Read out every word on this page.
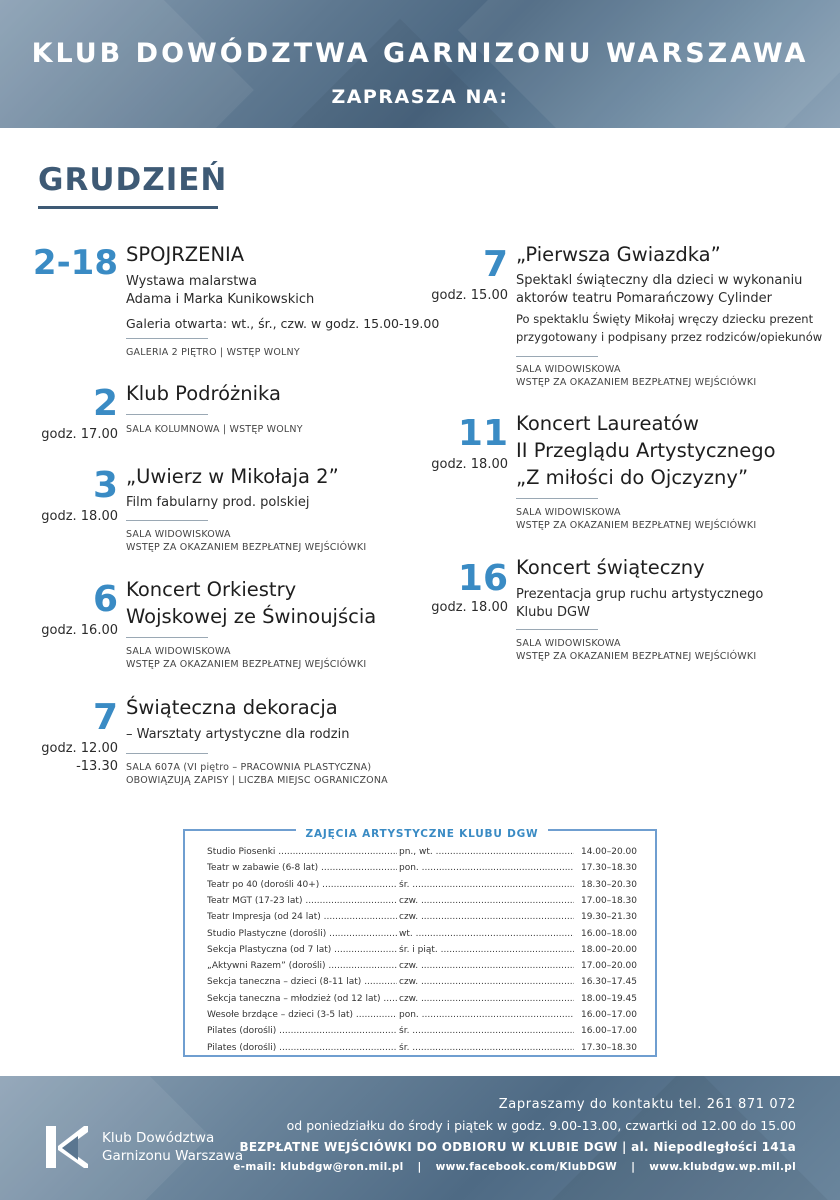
KLUB DOWÓDZTWA GARNIZONU WARSZAWA
ZAPRASZA NA:
GRUDZIEŃ
2-18 SPOJRZENIA
Wystawa malarstwa
Adama i Marka Kunikowskich
Galeria otwarta: wt., śr., czw. w godz. 15.00-19.00
GALERIA 2 PIĘTRO | WSTĘP WOLNY
2
godz. 17.00
Klub Podróżnika
SALA KOLUMNOWA | WSTĘP WOLNY
3
godz. 18.00
„Uwierz w Mikołaja 2”
Film fabularny prod. polskiej
SALA WIDOWISKOWA
WSTĘP ZA OKAZANIEM BEZPŁATNEJ WEJŚCIÓWKI
6
godz. 16.00
Koncert Orkiestry
Wojskowej ze Świnoujścia
SALA WIDOWISKOWA
WSTĘP ZA OKAZANIEM BEZPŁATNEJ WEJŚCIÓWKI
7
godz. 12.00
-13.30
Świąteczna dekoracja
– Warsztaty artystyczne dla rodzin
SALA 607A (VI piętro – PRACOWNIA PLASTYCZNA)
OBOWIĄZUJĄ ZAPISY | LICZBA MIEJSC OGRANICZONA
7
godz. 15.00
„Pierwsza Gwiazdka”
Spektakl świąteczny dla dzieci w wykonaniu
aktorów teatru Pomarańczowy Cylinder
Po spektaklu Święty Mikołaj wręczy dziecku prezent
przygotowany i podpisany przez rodziców/opiekunów
SALA WIDOWISKOWA
WSTĘP ZA OKAZANIEM BEZPŁATNEJ WEJŚCIÓWKI
11
godz. 18.00
Koncert Laureatów
II Przeglądu Artystycznego
„Z miłości do Ojczyzny”
SALA WIDOWISKOWA
WSTĘP ZA OKAZANIEM BEZPŁATNEJ WEJŚCIÓWKI
16
godz. 18.00
Koncert świąteczny
Prezentacja grup ruchu artystycznego
Klubu DGW
SALA WIDOWISKOWA
WSTĘP ZA OKAZANIEM BEZPŁATNEJ WEJŚCIÓWKI
ZAJĘCIA ARTYSTYCZNE KLUBU DGW
Studio Piosenki .....	pn., wt. .....	14.00–20.00
Teatr w zabawie (6-8 lat) .....	pon. .....	17.30–18.30
Teatr po 40 (dorośli 40+) .....	śr. .....	18.30–20.30
Teatr MGT (17-23 lat) .....	czw. .....	17.00–18.30
Teatr Impresja (od 24 lat) .....	czw. .....	19.30–21.30
Studio Plastyczne (dorośli) .....	wt. .....	16.00–18.00
Sekcja Plastyczna (od 7 lat) .....	śr. i piąt. .....	18.00–20.00
„Aktywni Razem” (dorośli) .....	czw. .....	17.00–20.00
Sekcja taneczna – dzieci (8-11 lat) .....	czw. .....	16.30–17.45
Sekcja taneczna – młodzież (od 12 lat) .....	czw. .....	18.00–19.45
Wesołe brzdące – dzieci (3-5 lat) .....	pon. .....	16.00–17.00
Pilates (dorośli) .....	śr. .....	16.00–17.00
Pilates (dorośli) .....	śr. .....	17.30–18.30
Klub Dowództwa
Garnizonu Warszawa
Zapraszamy do kontaktu tel. 261 871 072
od poniedziałku do środy i piątek w godz. 9.00-13.00, czwartki od 12.00 do 15.00
BEZPŁATNE WEJŚCIÓWKI DO ODBIORU W KLUBIE DGW | al. Niepodległości 141a
e-mail: klubdgw@ron.mil.pl | www.facebook.com/KlubDGW | www.klubdgw.wp.mil.pl
